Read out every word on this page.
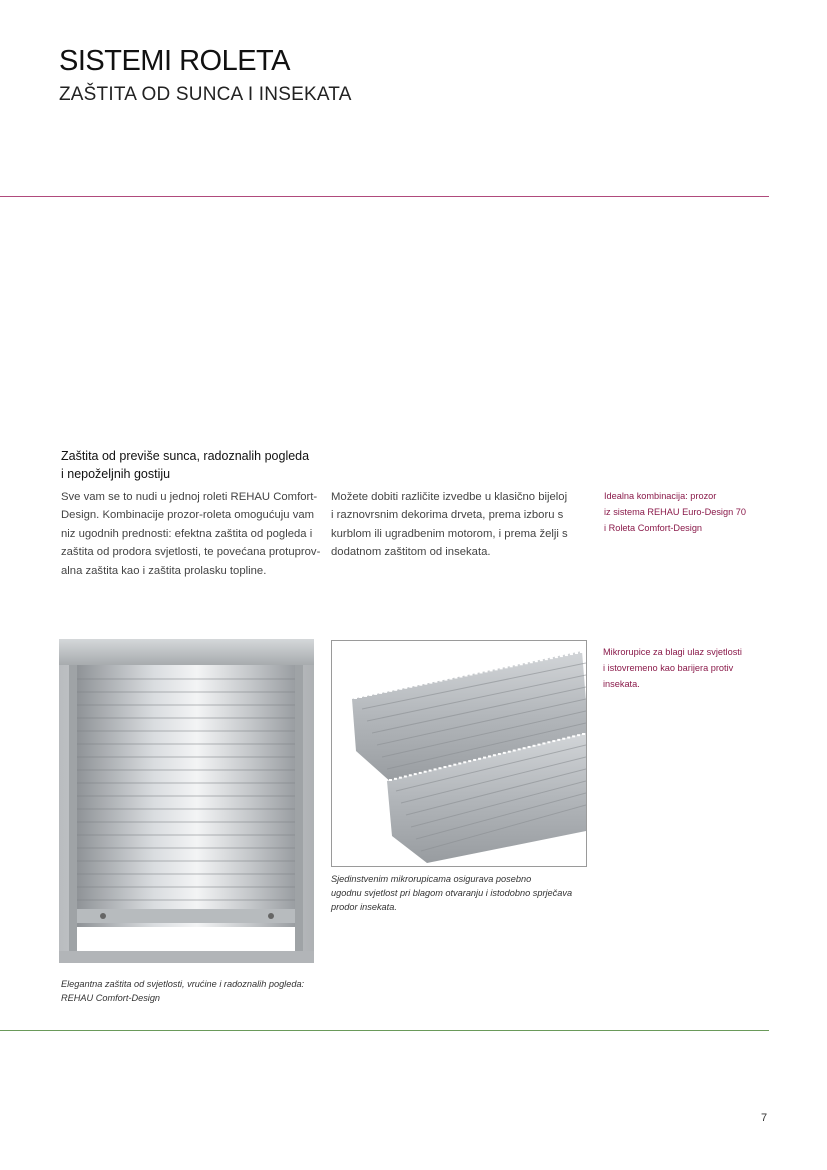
SISTEMI ROLETA
ZAŠTITA OD SUNCA I INSEKATA
Zaštita od previše sunca, radoznalih pogleda
i nepoželjnih gostiju
Sve vam se to nudi u jednoj roleti REHAU Comfort-
Design. Kombinacije prozor-roleta omogućuju vam
niz ugodnih prednosti: efektna zaštita od pogleda i
zaštita od prodora svjetlosti, te povećana protuprov-
alna zaštita kao i zaštita prolasku topline.
Možete dobiti različite izvedbe u klasično bijeloj
i raznovrsnim dekorima drveta, prema izboru s
kurblom ili ugradbenim motorom, i prema želji s
dodatnom zaštitom od insekata.
Idealna kombinacija: prozor
iz sistema REHAU Euro-Design 70
i Roleta Comfort-Design
Mikrorupice za blagi ulaz svjetlosti
i istovremeno kao barijera protiv
insekata.
Elegantna zaštita od svjetlosti, vrućine i radoznalih pogleda:
REHAU Comfort-Design
Sjedinstvenim mikrorupicama osigurava posebno
ugodnu svjetlost pri blagom otvaranju i istodobno sprječava
prodor insekata.
7
